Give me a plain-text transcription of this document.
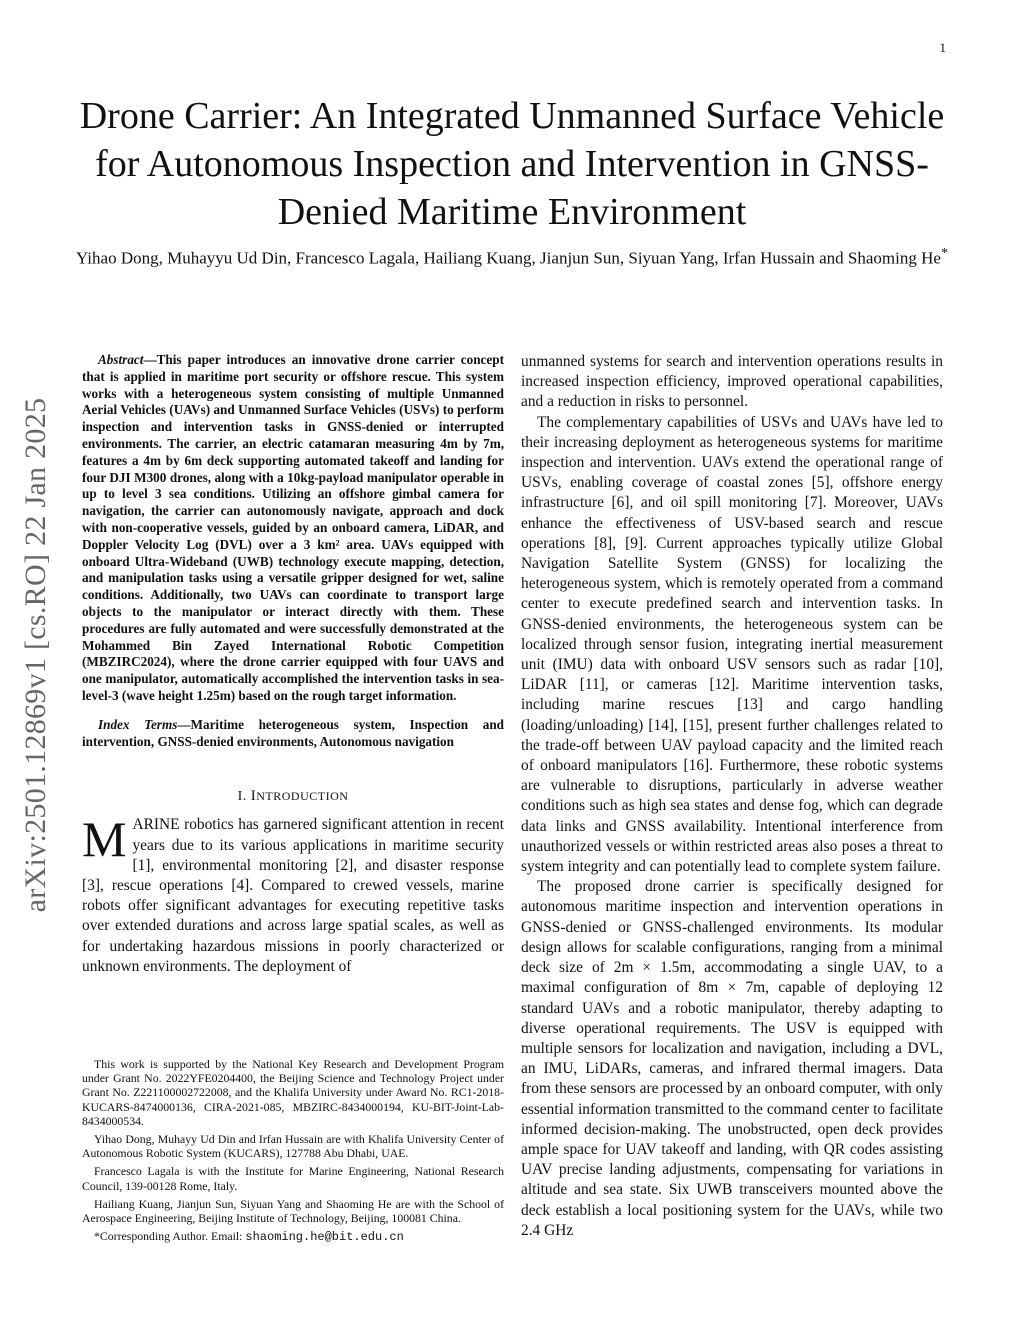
1
arXiv:2501.12869v1 [cs.RO] 22 Jan 2025
Drone Carrier: An Integrated Unmanned Surface Vehicle for Autonomous Inspection and Intervention in GNSS-Denied Maritime Environment
Yihao Dong, Muhayyu Ud Din, Francesco Lagala, Hailiang Kuang, Jianjun Sun, Siyuan Yang, Irfan Hussain and Shaoming He*

Abstract—This paper introduces an innovative drone carrier concept that is applied in maritime port security or offshore rescue. This system works with a heterogeneous system consisting of multiple Unmanned Aerial Vehicles (UAVs) and Unmanned Surface Vehicles (USVs) to perform inspection and intervention tasks in GNSS-denied or interrupted environments. The carrier, an electric catamaran measuring 4m by 7m, features a 4m by 6m deck supporting automated takeoff and landing for four DJI M300 drones, along with a 10kg-payload manipulator operable in up to level 3 sea conditions. Utilizing an offshore gimbal camera for navigation, the carrier can autonomously navigate, approach and dock with non-cooperative vessels, guided by an onboard camera, LiDAR, and Doppler Velocity Log (DVL) over a 3 km² area. UAVs equipped with onboard Ultra-Wideband (UWB) technology execute mapping, detection, and manipulation tasks using a versatile gripper designed for wet, saline conditions. Additionally, two UAVs can coordinate to transport large objects to the manipulator or interact directly with them. These procedures are fully automated and were successfully demonstrated at the Mohammed Bin Zayed International Robotic Competition (MBZIRC2024), where the drone carrier equipped with four UAVS and one manipulator, automatically accomplished the intervention tasks in sea-level-3 (wave height 1.25m) based on the rough target information.

Index Terms—Maritime heterogeneous system, Inspection and intervention, GNSS-denied environments, Autonomous navigation

I. INTRODUCTION

MARINE robotics has garnered significant attention in recent years due to its various applications in maritime security [1], environmental monitoring [2], and disaster response [3], rescue operations [4]. Compared to crewed vessels, marine robots offer significant advantages for executing repetitive tasks over extended durations and across large spatial scales, as well as for undertaking hazardous missions in poorly characterized or unknown environments. The deployment of

This work is supported by the National Key Research and Development Program under Grant No. 2022YFE0204400, the Beijing Science and Technology Project under Grant No. Z221100002722008, and the Khalifa University under Award No. RC1-2018-KUCARS-8474000136, CIRA-2021-085, MBZIRC-8434000194, KU-BIT-Joint-Lab-8434000534.

Yihao Dong, Muhayy Ud Din and Irfan Hussain are with Khalifa University Center of Autonomous Robotic System (KUCARS), 127788 Abu Dhabi, UAE.

Francesco Lagala is with the Institute for Marine Engineering, National Research Council, 139-00128 Rome, Italy.

Hailiang Kuang, Jianjun Sun, Siyuan Yang and Shaoming He are with the School of Aerospace Engineering, Beijing Institute of Technology, Beijing, 100081 China.

*Corresponding Author. Email: shaoming.he@bit.edu.cn

unmanned systems for search and intervention operations results in increased inspection efficiency, improved operational capabilities, and a reduction in risks to personnel.

The complementary capabilities of USVs and UAVs have led to their increasing deployment as heterogeneous systems for maritime inspection and intervention. UAVs extend the operational range of USVs, enabling coverage of coastal zones [5], offshore energy infrastructure [6], and oil spill monitoring [7]. Moreover, UAVs enhance the effectiveness of USV-based search and rescue operations [8], [9]. Current approaches typically utilize Global Navigation Satellite System (GNSS) for localizing the heterogeneous system, which is remotely operated from a command center to execute predefined search and intervention tasks. In GNSS-denied environments, the heterogeneous system can be localized through sensor fusion, integrating inertial measurement unit (IMU) data with onboard USV sensors such as radar [10], LiDAR [11], or cameras [12]. Maritime intervention tasks, including marine rescues [13] and cargo handling (loading/unloading) [14], [15], present further challenges related to the trade-off between UAV payload capacity and the limited reach of onboard manipulators [16]. Furthermore, these robotic systems are vulnerable to disruptions, particularly in adverse weather conditions such as high sea states and dense fog, which can degrade data links and GNSS availability. Intentional interference from unauthorized vessels or within restricted areas also poses a threat to system integrity and can potentially lead to complete system failure.

The proposed drone carrier is specifically designed for autonomous maritime inspection and intervention operations in GNSS-denied or GNSS-challenged environments. Its modular design allows for scalable configurations, ranging from a minimal deck size of 2m × 1.5m, accommodating a single UAV, to a maximal configuration of 8m × 7m, capable of deploying 12 standard UAVs and a robotic manipulator, thereby adapting to diverse operational requirements. The USV is equipped with multiple sensors for localization and navigation, including a DVL, an IMU, LiDARs, cameras, and infrared thermal imagers. Data from these sensors are processed by an onboard computer, with only essential information transmitted to the command center to facilitate informed decision-making. The unobstructed, open deck provides ample space for UAV takeoff and landing, with QR codes assisting UAV precise landing adjustments, compensating for variations in altitude and sea state. Six UWB transceivers mounted above the deck establish a local positioning system for the UAVs, while two 2.4 GHz
